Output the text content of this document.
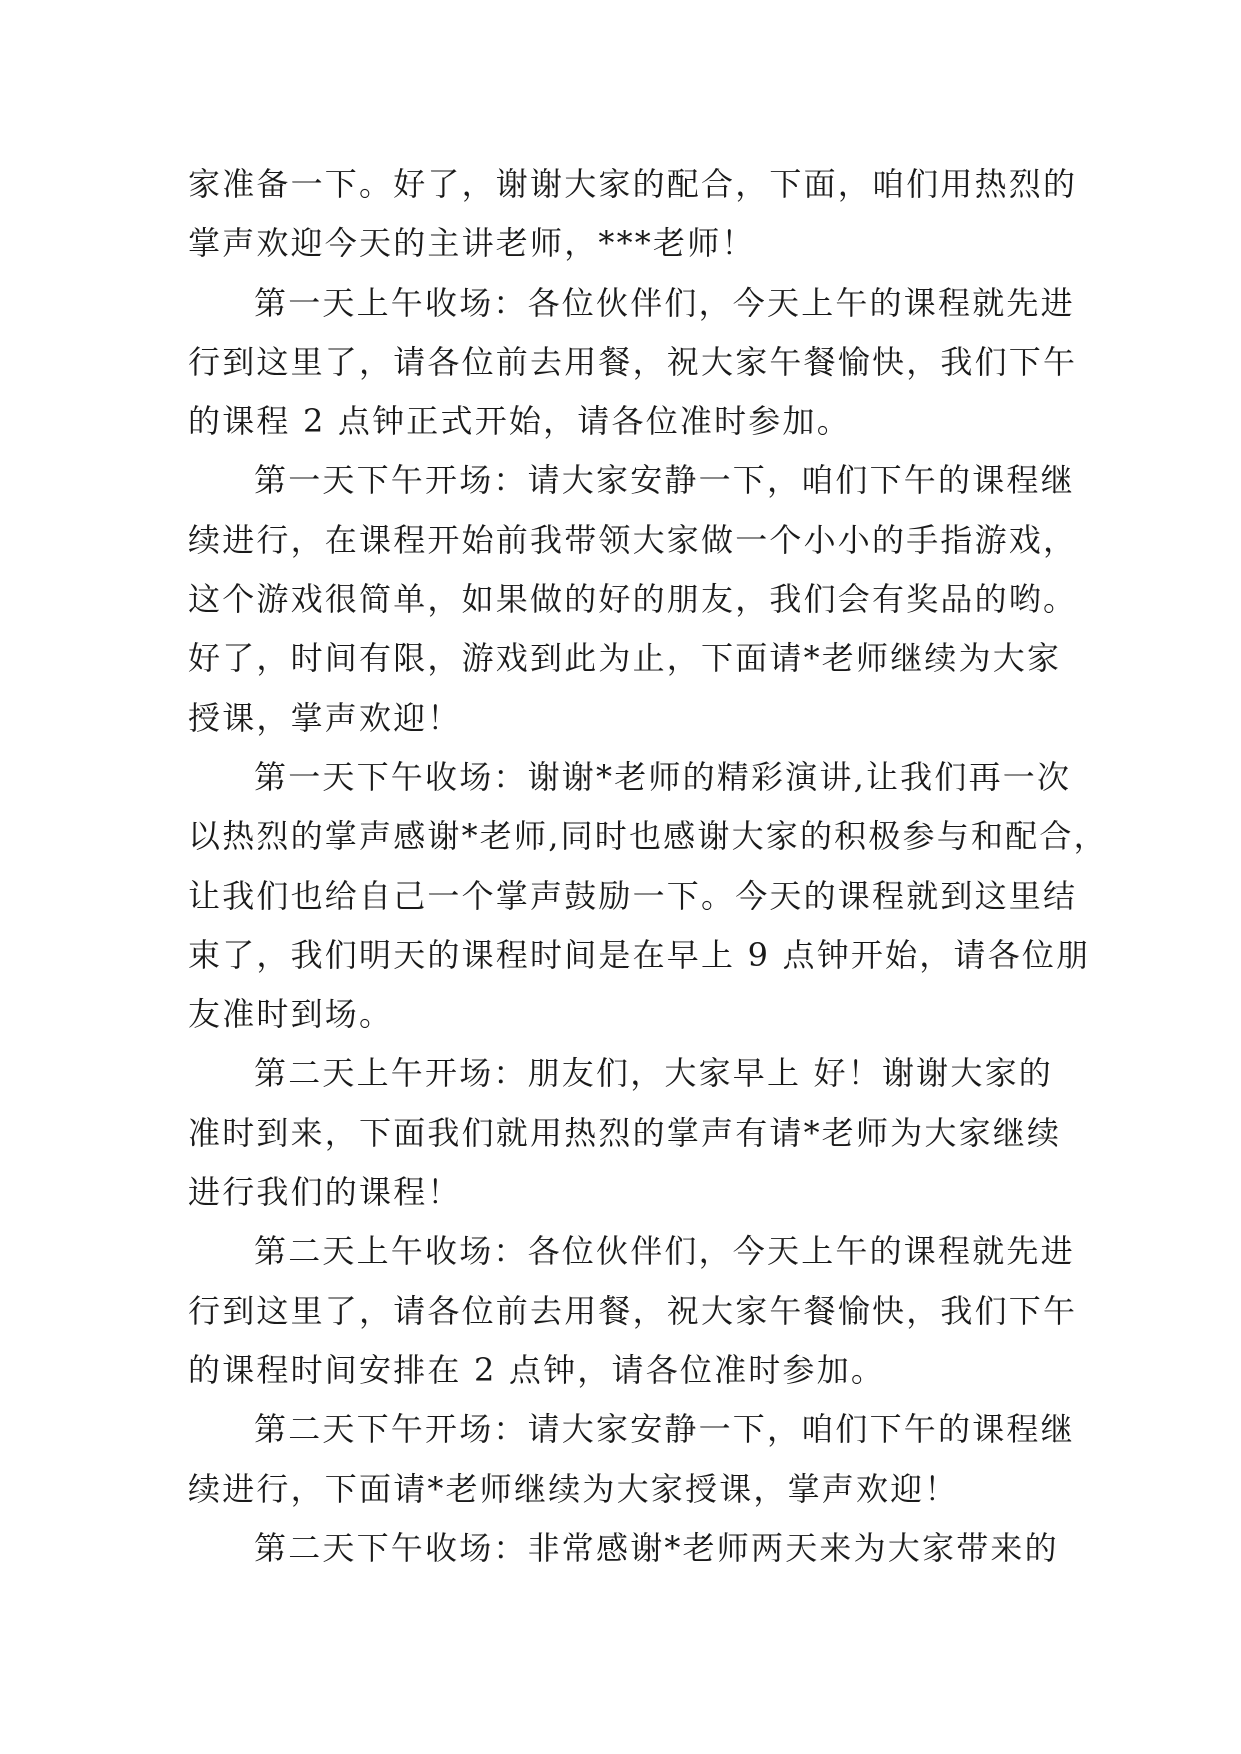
家准备一下。好了，谢谢大家的配合，下面，咱们用热烈的
掌声欢迎今天的主讲老师，***老师！
第一天上午收场：各位伙伴们，今天上午的课程就先进
行到这里了，请各位前去用餐，祝大家午餐愉快，我们下午
的课程 2 点钟正式开始，请各位准时参加。
第一天下午开场：请大家安静一下，咱们下午的课程继
续进行，在课程开始前我带领大家做一个小小的手指游戏，
这个游戏很简单，如果做的好的朋友，我们会有奖品的哟。
好了，时间有限，游戏到此为止，下面请*老师继续为大家
授课，掌声欢迎！
第一天下午收场：谢谢*老师的精彩演讲,让我们再一次
以热烈的掌声感谢*老师,同时也感谢大家的积极参与和配合，
让我们也给自己一个掌声鼓励一下。今天的课程就到这里结
束了，我们明天的课程时间是在早上 9 点钟开始，请各位朋
友准时到场。
第二天上午开场：朋友们，大家早上 好！谢谢大家的
准时到来，下面我们就用热烈的掌声有请*老师为大家继续
进行我们的课程！
第二天上午收场：各位伙伴们，今天上午的课程就先进
行到这里了，请各位前去用餐，祝大家午餐愉快，我们下午
的课程时间安排在 2 点钟，请各位准时参加。
第二天下午开场：请大家安静一下，咱们下午的课程继
续进行，下面请*老师继续为大家授课，掌声欢迎！
第二天下午收场：非常感谢*老师两天来为大家带来的
